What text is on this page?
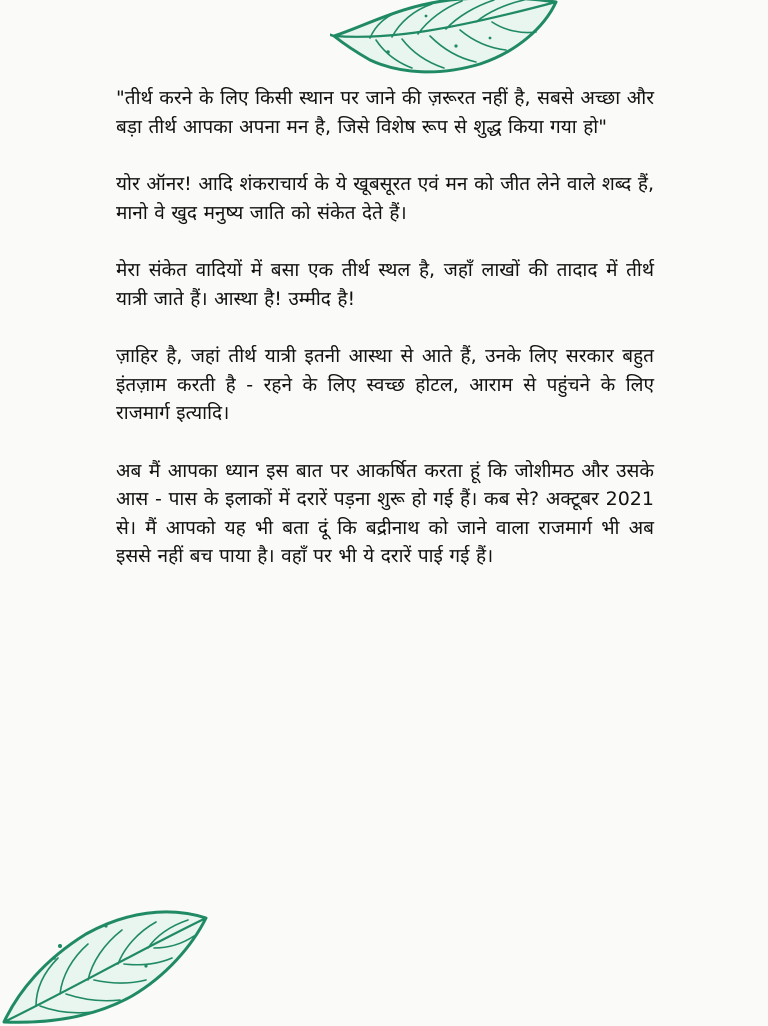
"तीर्थ करने के लिए किसी स्थान पर जाने की ज़रूरत नहीं है, सबसे अच्छा और बड़ा तीर्थ आपका अपना मन है, जिसे विशेष रूप से शुद्ध किया गया हो"

योर ऑनर! आदि शंकराचार्य के ये खूबसूरत एवं मन को जीत लेने वाले शब्द हैं, मानो वे खुद मनुष्य जाति को संकेत देते हैं।

मेरा संकेत वादियों में बसा एक तीर्थ स्थल है, जहाँ लाखों की तादाद में तीर्थ यात्री जाते हैं। आस्था है! उम्मीद है!

ज़ाहिर है, जहां तीर्थ यात्री इतनी आस्था से आते हैं, उनके लिए सरकार बहुत इंतज़ाम करती है - रहने के लिए स्वच्छ होटल, आराम से पहुंचने के लिए राजमार्ग इत्यादि।

अब मैं आपका ध्यान इस बात पर आकर्षित करता हूं कि जोशीमठ और उसके आस - पास के इलाकों में दरारें पड़ना शुरू हो गई हैं। कब से? अक्टूबर 2021 से। मैं आपको यह भी बता दूं कि बद्रीनाथ को जाने वाला राजमार्ग भी अब इससे नहीं बच पाया है। वहाँ पर भी ये दरारें पाई गई हैं।
